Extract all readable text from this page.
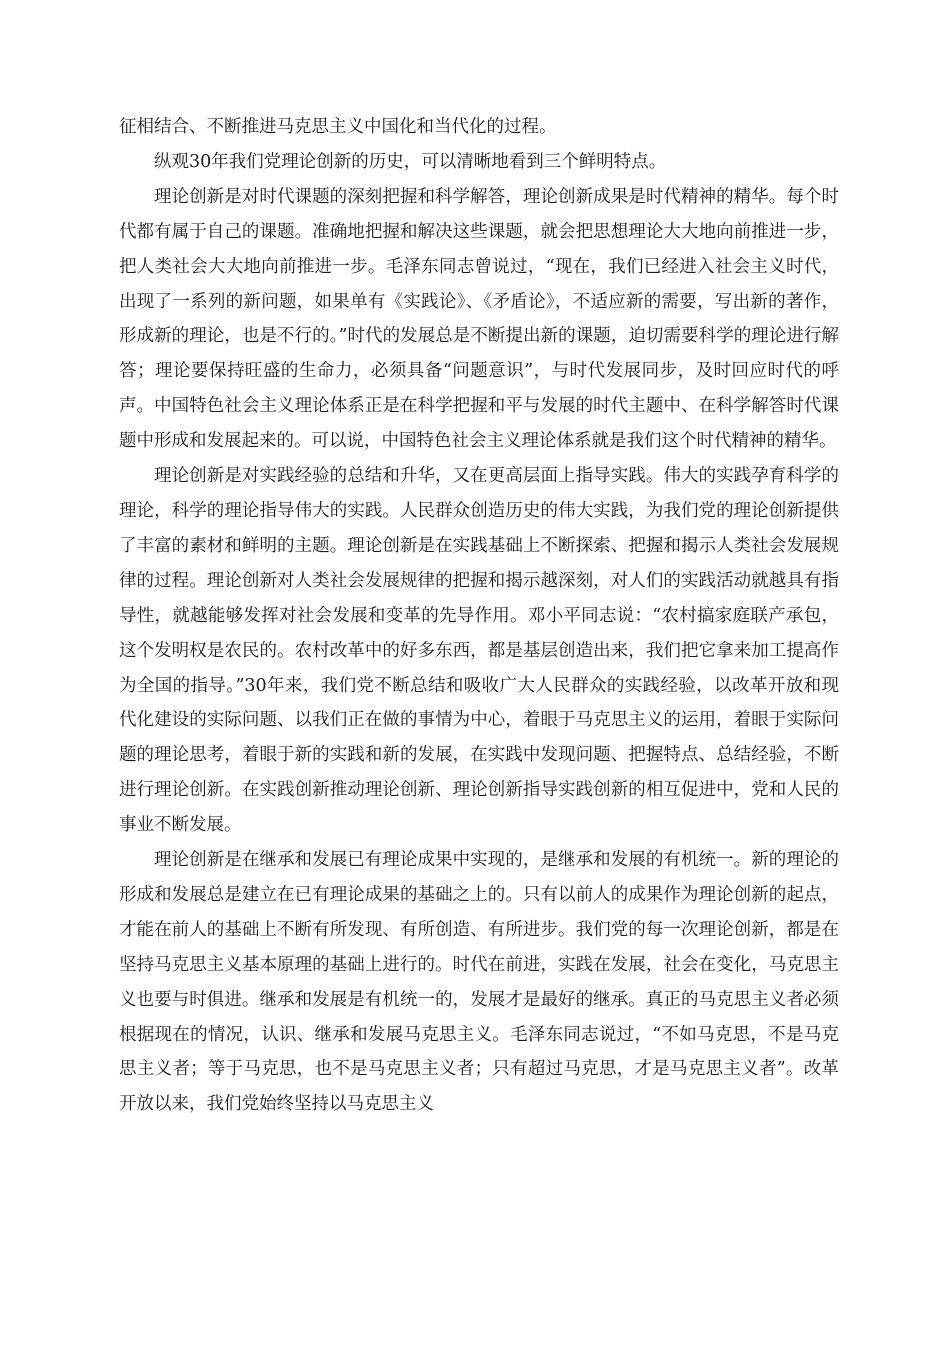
征相结合、不断推进马克思主义中国化和当代化的过程。

纵观30年我们党理论创新的历史，可以清晰地看到三个鲜明特点。

理论创新是对时代课题的深刻把握和科学解答，理论创新成果是时代精神的精华。每个时代都有属于自己的课题。准确地把握和解决这些课题，就会把思想理论大大地向前推进一步，把人类社会大大地向前推进一步。毛泽东同志曾说过，“现在，我们已经进入社会主义时代，出现了一系列的新问题，如果单有《实践论》、《矛盾论》，不适应新的需要，写出新的著作，形成新的理论，也是不行的。”时代的发展总是不断提出新的课题，迫切需要科学的理论进行解答；理论要保持旺盛的生命力，必须具备“问题意识”，与时代发展同步，及时回应时代的呼声。中国特色社会主义理论体系正是在科学把握和平与发展的时代主题中、在科学解答时代课题中形成和发展起来的。可以说，中国特色社会主义理论体系就是我们这个时代精神的精华。

理论创新是对实践经验的总结和升华，又在更高层面上指导实践。伟大的实践孕育科学的理论，科学的理论指导伟大的实践。人民群众创造历史的伟大实践，为我们党的理论创新提供了丰富的素材和鲜明的主题。理论创新是在实践基础上不断探索、把握和揭示人类社会发展规律的过程。理论创新对人类社会发展规律的把握和揭示越深刻，对人们的实践活动就越具有指导性，就越能够发挥对社会发展和变革的先导作用。邓小平同志说：“农村搞家庭联产承包，这个发明权是农民的。农村改革中的好多东西，都是基层创造出来，我们把它拿来加工提高作为全国的指导。”30年来，我们党不断总结和吸收广大人民群众的实践经验，以改革开放和现代化建设的实际问题、以我们正在做的事情为中心，着眼于马克思主义的运用，着眼于实际问题的理论思考，着眼于新的实践和新的发展，在实践中发现问题、把握特点、总结经验，不断进行理论创新。在实践创新推动理论创新、理论创新指导实践创新的相互促进中，党和人民的事业不断发展。

理论创新是在继承和发展已有理论成果中实现的，是继承和发展的有机统一。新的理论的形成和发展总是建立在已有理论成果的基础之上的。只有以前人的成果作为理论创新的起点，才能在前人的基础上不断有所发现、有所创造、有所进步。我们党的每一次理论创新，都是在坚持马克思主义基本原理的基础上进行的。时代在前进，实践在发展，社会在变化，马克思主义也要与时俱进。继承和发展是有机统一的，发展才是最好的继承。真正的马克思主义者必须根据现在的情况，认识、继承和发展马克思主义。毛泽东同志说过，“不如马克思，不是马克思主义者；等于马克思，也不是马克思主义者；只有超过马克思，才是马克思主义者”。改革开放以来，我们党始终坚持以马克思主义
